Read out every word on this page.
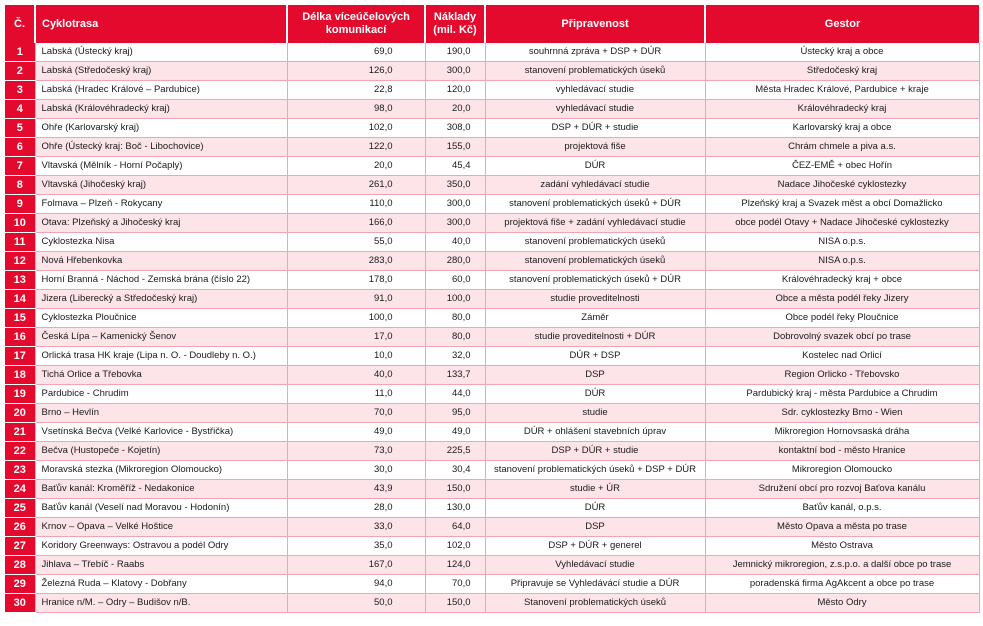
Č.	Cyklotrasa	Délka víceúčelových komunikací	Náklady (mil. Kč)	Připravenost	Gestor
1	Labská (Ústecký kraj)	69,0	190,0	souhrnná zpráva + DSP + DÚR	Ústecký kraj a obce
2	Labská (Středočeský kraj)	126,0	300,0	stanovení problematických úseků	Středočeský kraj
3	Labská (Hradec Králové – Pardubice)	22,8	120,0	vyhledávací studie	Města Hradec Králové, Pardubice + kraje
4	Labská (Královéhradecký kraj)	98,0	20,0	vyhledávací studie	Královéhradecký kraj
5	Ohře (Karlovarský kraj)	102,0	308,0	DSP + DÚR + studie	Karlovarský kraj a obce
6	Ohře (Ústecký kraj: Boč - Libochovice)	122,0	155,0	projektová fiše	Chrám chmele a piva a.s.
7	Vltavská (Mělník - Horní Počaply)	20,0	45,4	DÚR	ČEZ-EMĚ + obec Hořín
8	Vltavská (Jihočeský kraj)	261,0	350,0	zadání vyhledávací studie	Nadace Jihočeské cyklostezky
9	Folmava – Plzeň - Rokycany	110,0	300,0	stanovení problematických úseků + DÚR	Plzeňský kraj a Svazek měst a obcí Domažlicko
10	Otava: Plzeňský a Jihočeský kraj	166,0	300,0	projektová fiše + zadání vyhledávací studie	obce podél Otavy + Nadace Jihočeské cyklostezky
11	Cyklostezka Nisa	55,0	40,0	stanovení problematických úseků	NISA o.p.s.
12	Nová Hřebenkovka	283,0	280,0	stanovení problematických úseků	NISA o.p.s.
13	Horní Branná - Náchod - Zemská brána (číslo 22)	178,0	60,0	stanovení problematických úseků + DÚR	Královéhradecký kraj + obce
14	Jizera (Liberecký a Středočeský kraj)	91,0	100,0	studie proveditelnosti	Obce a města podél řeky Jizery
15	Cyklostezka Ploučnice	100,0	80,0	Záměr	Obce podél řeky Ploučnice
16	Česká Lípa – Kamenický Šenov	17,0	80,0	studie proveditelnosti + DÚR	Dobrovolný svazek obcí po trase
17	Orlická trasa HK kraje (Lipa n. O. - Doudleby n. O.)	10,0	32,0	DÚR + DSP	Kostelec nad Orlicí
18	Tichá Orlice a Třebovka	40,0	133,7	DSP	Region Orlicko - Třebovsko
19	Pardubice - Chrudim	11,0	44,0	DÚR	Pardubický kraj - města Pardubice a Chrudim
20	Brno – Hevlín	70,0	95,0	studie	Sdr. cyklostezky Brno - Wien
21	Vsetínská Bečva (Velké Karlovice - Bystřička)	49,0	49,0	DÚR + ohlášení stavebních úprav	Mikroregion Hornovsaská dráha
22	Bečva (Hustopeče - Kojetín)	73,0	225,5	DSP + DÚR + studie	kontaktní bod - město Hranice
23	Moravská stezka (Mikroregion Olomoucko)	30,0	30,4	stanovení problematických úseků + DSP + DÚR	Mikroregion Olomoucko
24	Baťův kanál: Kroměříž - Nedakonice	43,9	150,0	studie + ÚR	Sdružení obcí pro rozvoj Baťova kanálu
25	Baťův kanál (Veselí nad Moravou - Hodonín)	28,0	130,0	DÚR	Baťův kanál, o.p.s.
26	Krnov – Opava – Velké Hoštice	33,0	64,0	DSP	Město Opava a města po trase
27	Koridory Greenways: Ostravou a podél Odry	35,0	102,0	DSP + DÚR + generel	Město Ostrava
28	Jihlava – Třebíč - Raabs	167,0	124,0	Vyhledávací studie	Jemnický mikroregion, z.s.p.o. a další obce po trase
29	Železná Ruda – Klatovy - Dobřany	94,0	70,0	Připravuje se Vyhledávácí studie a DÚR	poradenská firma AgAkcent a obce po trase
30	Hranice n/M. – Odry – Budišov n/B.	50,0	150,0	Stanovení problematických úseků	Město Odry
